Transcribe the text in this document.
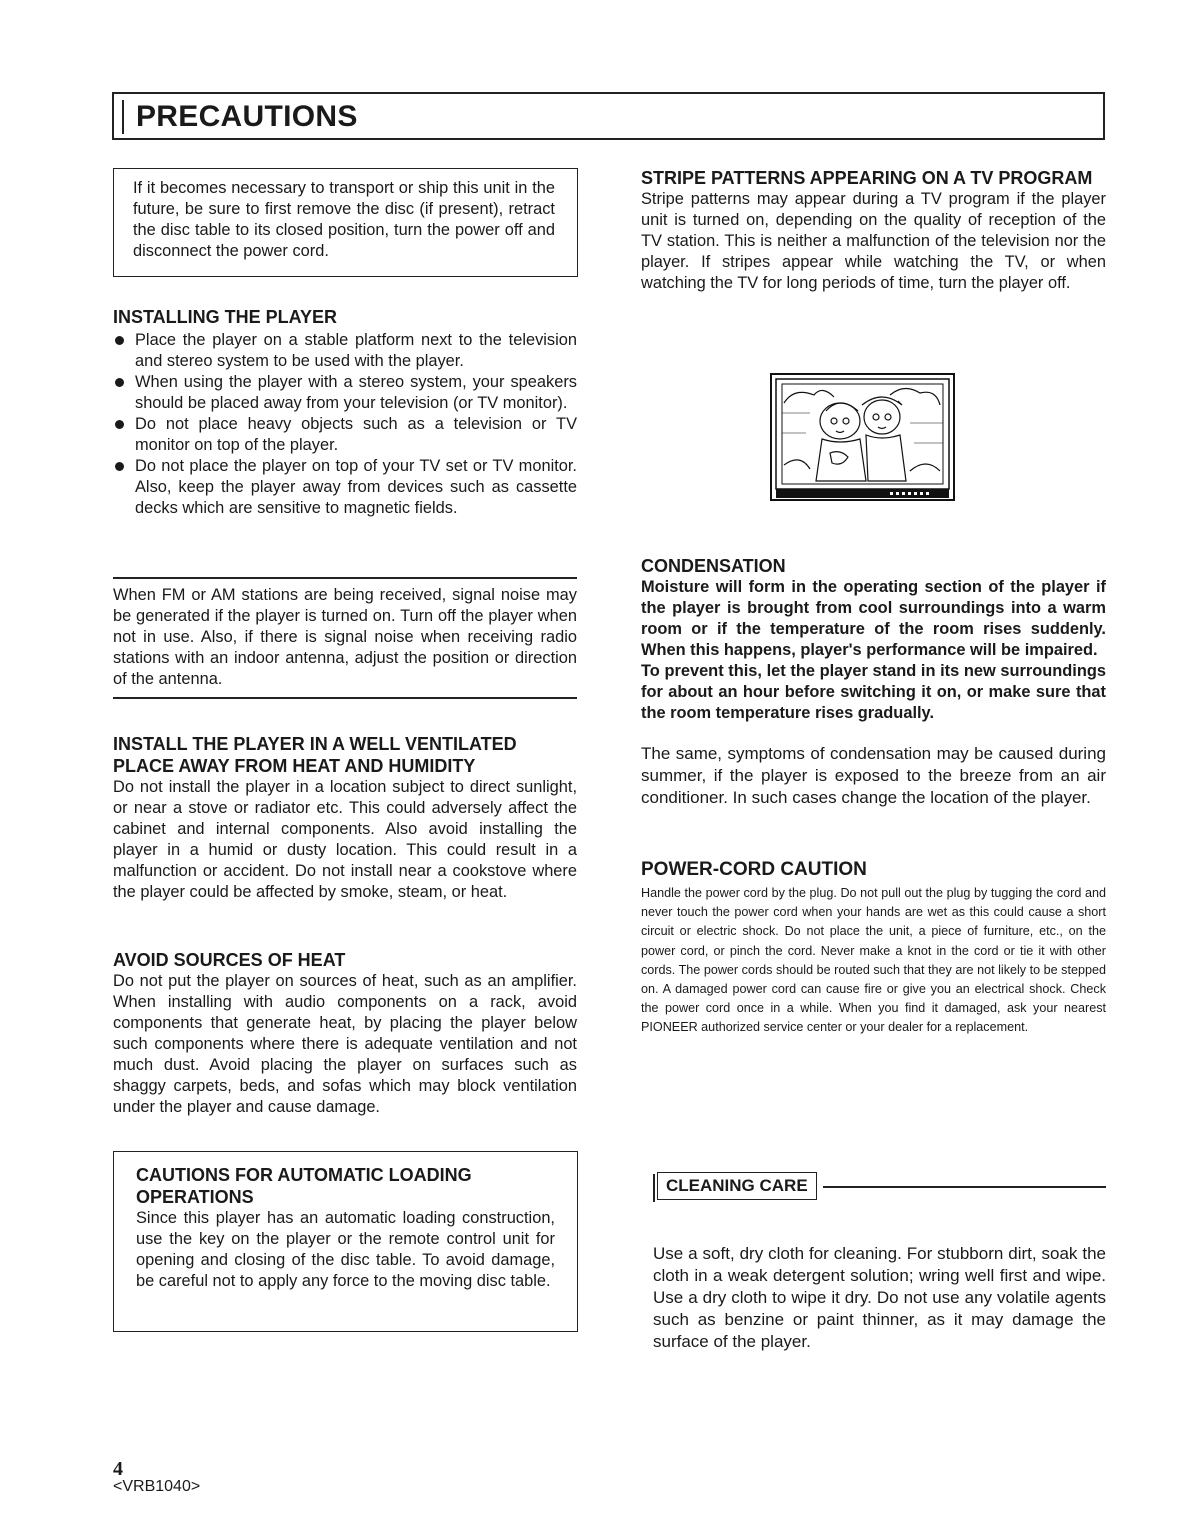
PRECAUTIONS

If it becomes necessary to transport or ship this unit in the future, be sure to first remove the disc (if present), retract the disc table to its closed position, turn the power off and disconnect the power cord.

INSTALLING THE PLAYER
Place the player on a stable platform next to the television and stereo system to be used with the player.
When using the player with a stereo system, your speakers should be placed away from your television (or TV monitor).
Do not place heavy objects such as a television or TV monitor on top of the player.
Do not place the player on top of your TV set or TV monitor. Also, keep the player away from devices such as cassette decks which are sensitive to magnetic fields.

When FM or AM stations are being received, signal noise may be generated if the player is turned on. Turn off the player when not in use. Also, if there is signal noise when receiving radio stations with an indoor antenna, adjust the position or direction of the antenna.

INSTALL THE PLAYER IN A WELL VENTILATED PLACE AWAY FROM HEAT AND HUMIDITY

Do not install the player in a location subject to direct sunlight, or near a stove or radiator etc. This could adversely affect the cabinet and internal components. Also avoid installing the player in a humid or dusty location. This could result in a malfunction or accident. Do not install near a cookstove where the player could be affected by smoke, steam, or heat.

AVOID SOURCES OF HEAT

Do not put the player on sources of heat, such as an amplifier. When installing with audio components on a rack, avoid components that generate heat, by placing the player below such components where there is adequate ventilation and not much dust. Avoid placing the player on surfaces such as shaggy carpets, beds, and sofas which may block ventilation under the player and cause damage.

CAUTIONS FOR AUTOMATIC LOADING OPERATIONS

Since this player has an automatic loading construction, use the key on the player or the remote control unit for opening and closing of the disc table. To avoid damage, be careful not to apply any force to the moving disc table.

STRIPE PATTERNS APPEARING ON A TV PROGRAM

Stripe patterns may appear during a TV program if the player unit is turned on, depending on the quality of reception of the TV station. This is neither a malfunction of the television nor the player. If stripes appear while watching the TV, or when watching the TV for long periods of time, turn the player off.

CONDENSATION

Moisture will form in the operating section of the player if the player is brought from cool surroundings into a warm room or if the temperature of the room rises suddenly. When this happens, player's performance will be impaired.

To prevent this, let the player stand in its new surroundings for about an hour before switching it on, or make sure that the room temperature rises gradually.

The same, symptoms of condensation may be caused during summer, if the player is exposed to the breeze from an air conditioner. In such cases change the location of the player.

POWER-CORD CAUTION

Handle the power cord by the plug. Do not pull out the plug by tugging the cord and never touch the power cord when your hands are wet as this could cause a short circuit or electric shock. Do not place the unit, a piece of furniture, etc., on the power cord, or pinch the cord. Never make a knot in the cord or tie it with other cords. The power cords should be routed such that they are not likely to be stepped on. A damaged power cord can cause fire or give you an electrical shock. Check the power cord once in a while. When you find it damaged, ask your nearest PIONEER authorized service center or your dealer for a replacement.

CLEANING CARE

Use a soft, dry cloth for cleaning. For stubborn dirt, soak the cloth in a weak detergent solution; wring well first and wipe. Use a dry cloth to wipe it dry. Do not use any volatile agents such as benzine or paint thinner, as it may damage the surface of the player.

4
<VRB1040>
